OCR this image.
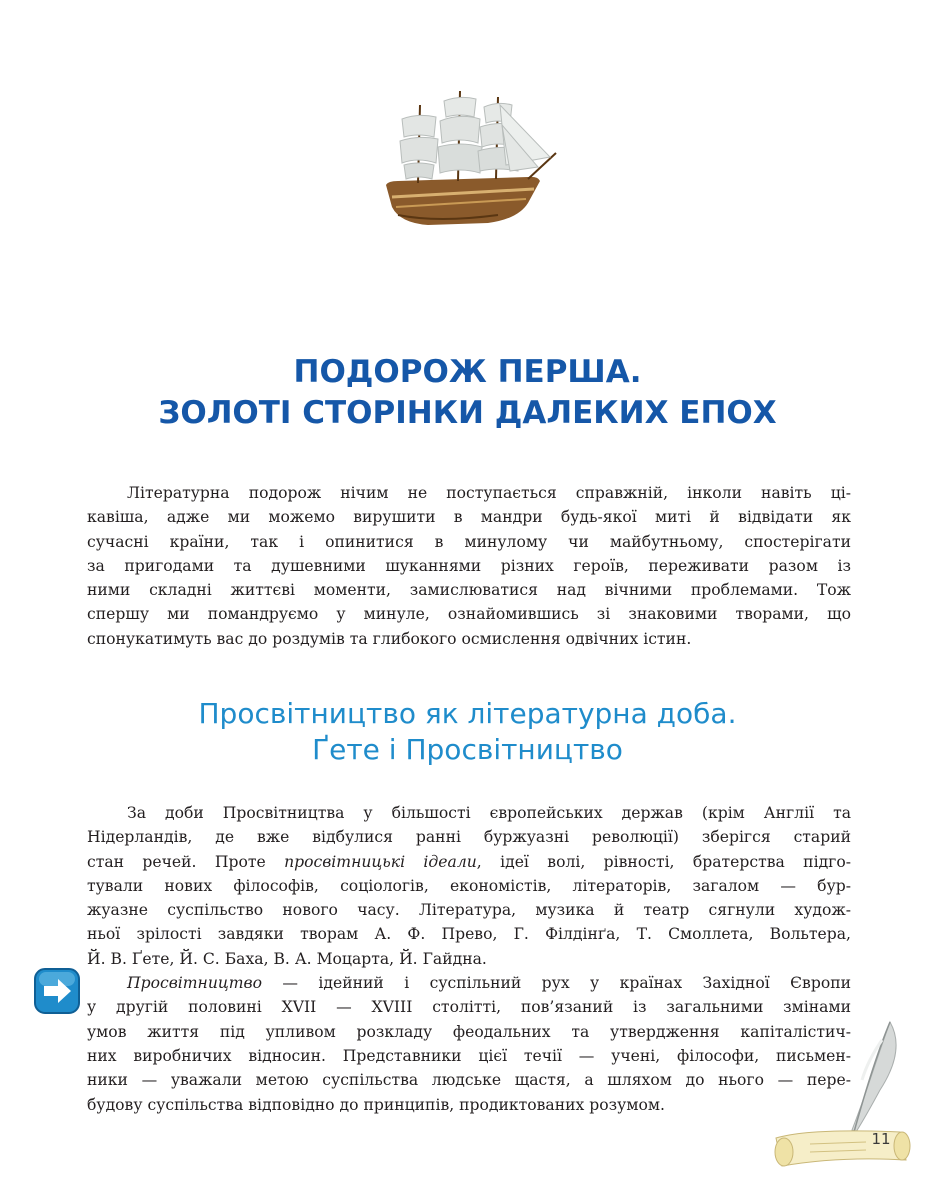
ПОДОРОЖ ПЕРША.
ЗОЛОТІ СТОРІНКИ ДАЛЕКИХ ЕПОХ
Літературна подорож нічим не поступається справжній, інколи навіть ці-
кавіша, адже ми можемо вирушити в мандри будь-якої миті й відвідати як
сучасні країни, так і опинитися в минулому чи майбутньому, спостерігати
за пригодами та душевними шуканнями різних героїв, переживати разом із
ними складні життєві моменти, замислюватися над вічними проблемами. Тож
спершу ми помандруємо у минуле, ознайомившись зі знаковими творами, що
спонукатимуть вас до роздумів та глибокого осмислення одвічних істин.
Просвітництво як літературна доба.
Ґете і Просвітництво
За доби Просвітництва у більшості європейських держав (крім Англії та
Нідерландів, де вже відбулися ранні буржуазні революції) зберігся старий
стан речей. Проте просвітницькі ідеали, ідеї волі, рівності, братерства підго-
тували нових філософів, соціологів, економістів, літераторів, загалом — бур-
жуазне суспільство нового часу. Література, музика й театр сягнули худож-
ньої зрілості завдяки творам А. Ф. Прево, Г. Філдінґа, Т. Смоллета, Вольтера,
Й. В. Ґете, Й. С. Баха, В. А. Моцарта, Й. Гайдна.
Просвітництво — ідейний і суспільний рух у країнах Західної Європи
у другій половині XVII — XVIII столітті, пов’язаний із загальними змінами
умов життя під упливом розкладу феодальних та утвердження капіталістич-
них виробничих відносин. Представники цієї течії — учені, філософи, письмен-
ники — уважали метою суспільства людське щастя, а шляхом до нього — пере-
будову суспільства відповідно до принципів, продиктованих розумом.
11
